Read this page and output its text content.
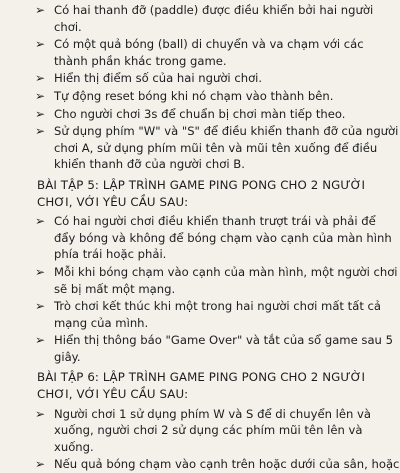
➢ Có hai thanh đỡ (paddle) được điều khiển bởi hai người chơi.
➢ Có một quả bóng (ball) di chuyển và va chạm với các thành phần khác trong game.
➢ Hiển thị điểm số của hai người chơi.
➢ Tự động reset bóng khi nó chạm vào thành bên.
➢ Cho người chơi 3s để chuẩn bị chơi màn tiếp theo.
➢ Sử dụng phím "W" và "S" để điều khiển thanh đỡ của người chơi A, sử dụng phím mũi tên và mũi tên xuống để điều khiển thanh đỡ của người chơi B.
BÀI TẬP 5: LẬP TRÌNH GAME PING PONG CHO 2 NGƯỜI CHƠI, VỚI YÊU CẦU SAU:
➢ Có hai người chơi điều khiển thanh trượt trái và phải để đẩy bóng và không để bóng chạm vào cạnh của màn hình phía trái hoặc phải.
➢ Mỗi khi bóng chạm vào cạnh của màn hình, một người chơi sẽ bị mất một mạng.
➢ Trò chơi kết thúc khi một trong hai người chơi mất tất cả mạng của mình.
➢ Hiển thị thông báo "Game Over" và tắt của sổ game sau 5 giây.
BÀI TẬP 6: LẬP TRÌNH GAME PING PONG CHO 2 NGƯỜI CHƠI, VỚI YÊU CẦU SAU:
➢ Người chơi 1 sử dụng phím W và S để di chuyển lên và xuống, người chơi 2 sử dụng các phím mũi tên lên và xuống.
➢ Nếu quả bóng chạm vào cạnh trên hoặc dưới của sân, hoặc
